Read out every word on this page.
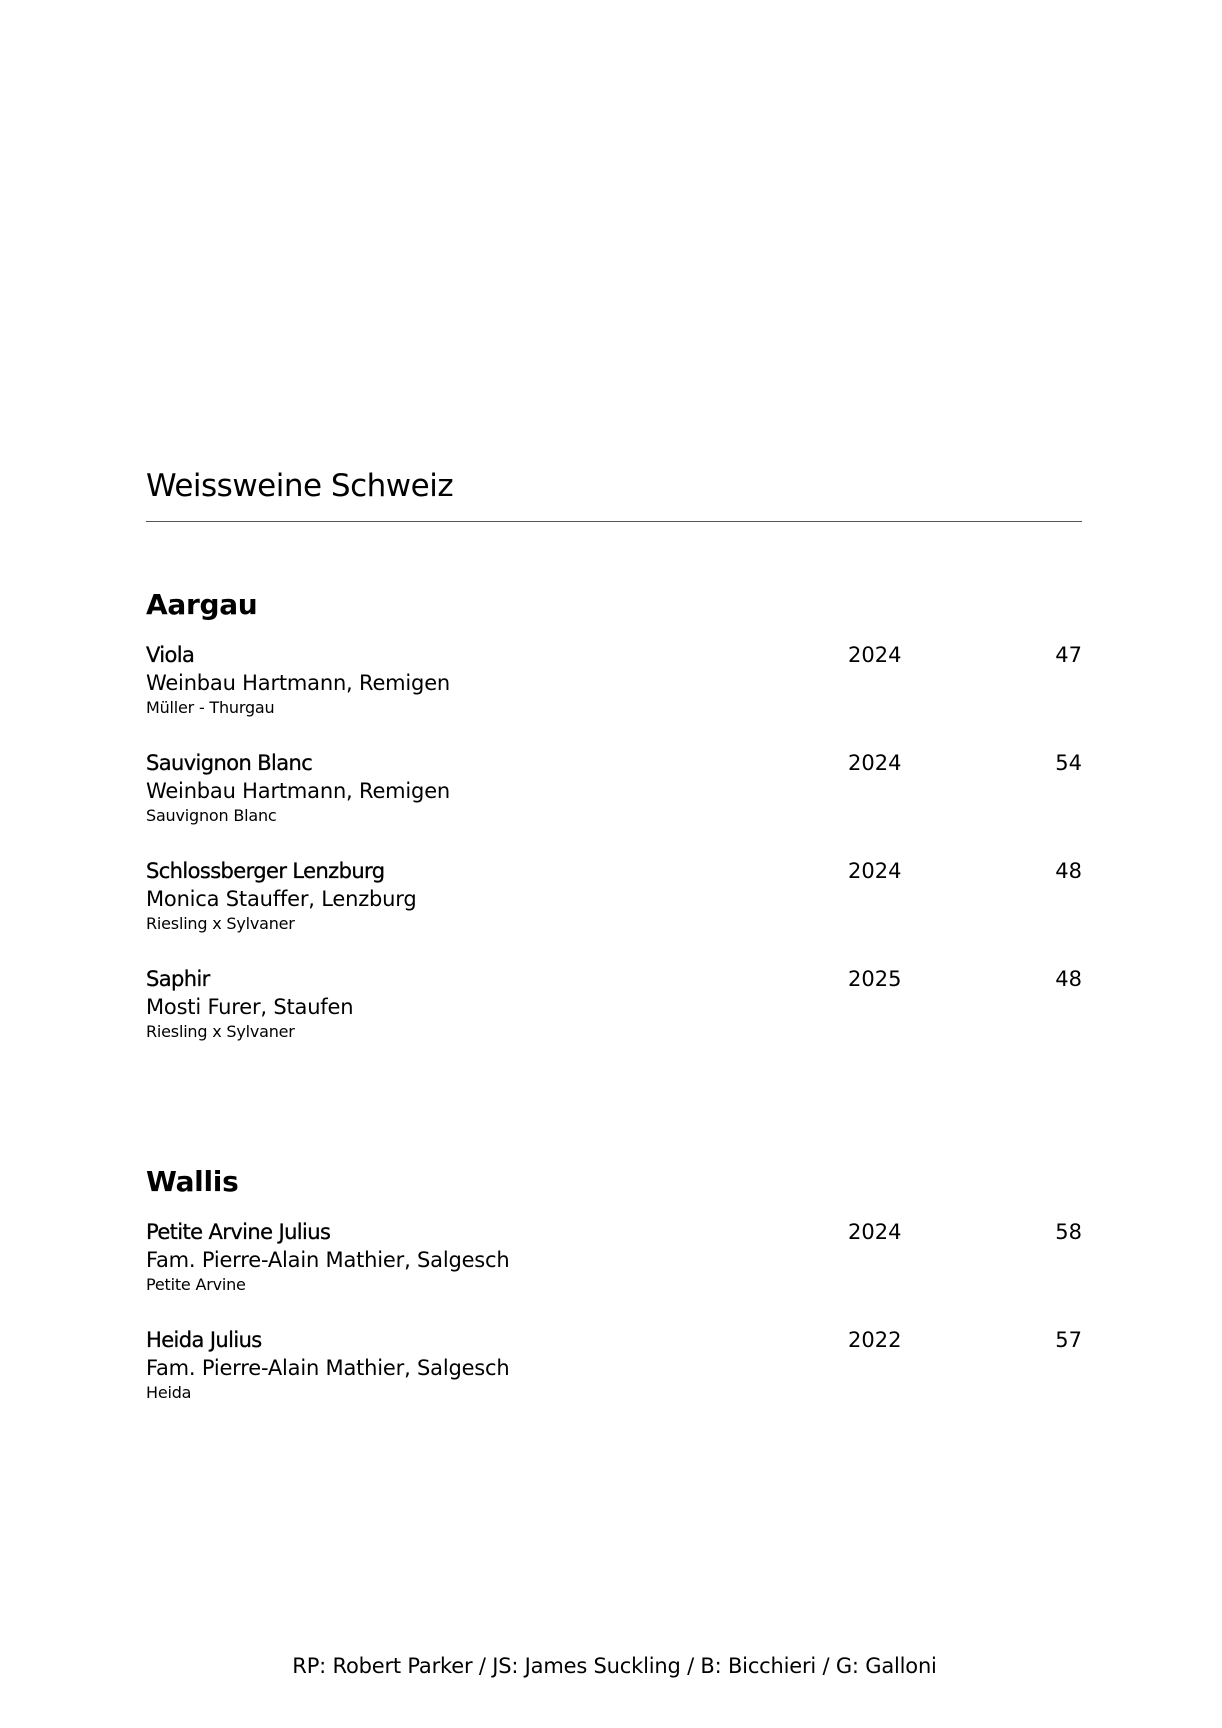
Weissweine Schweiz
Aargau
Viola
Weinbau Hartmann, Remigen
Müller - Thurgau
2024	47
Sauvignon Blanc
Weinbau Hartmann, Remigen
Sauvignon Blanc
2024	54
Schlossberger Lenzburg
Monica Stauffer, Lenzburg
Riesling x Sylvaner
2024	48
Saphir
Mosti Furer, Staufen
Riesling x Sylvaner
2025	48
Wallis
Petite Arvine Julius
Fam. Pierre-Alain Mathier, Salgesch
Petite Arvine
2024	58
Heida Julius
Fam. Pierre-Alain Mathier, Salgesch
Heida
2022	57

RP: Robert Parker / JS: James Suckling / B: Bicchieri / G: Galloni
